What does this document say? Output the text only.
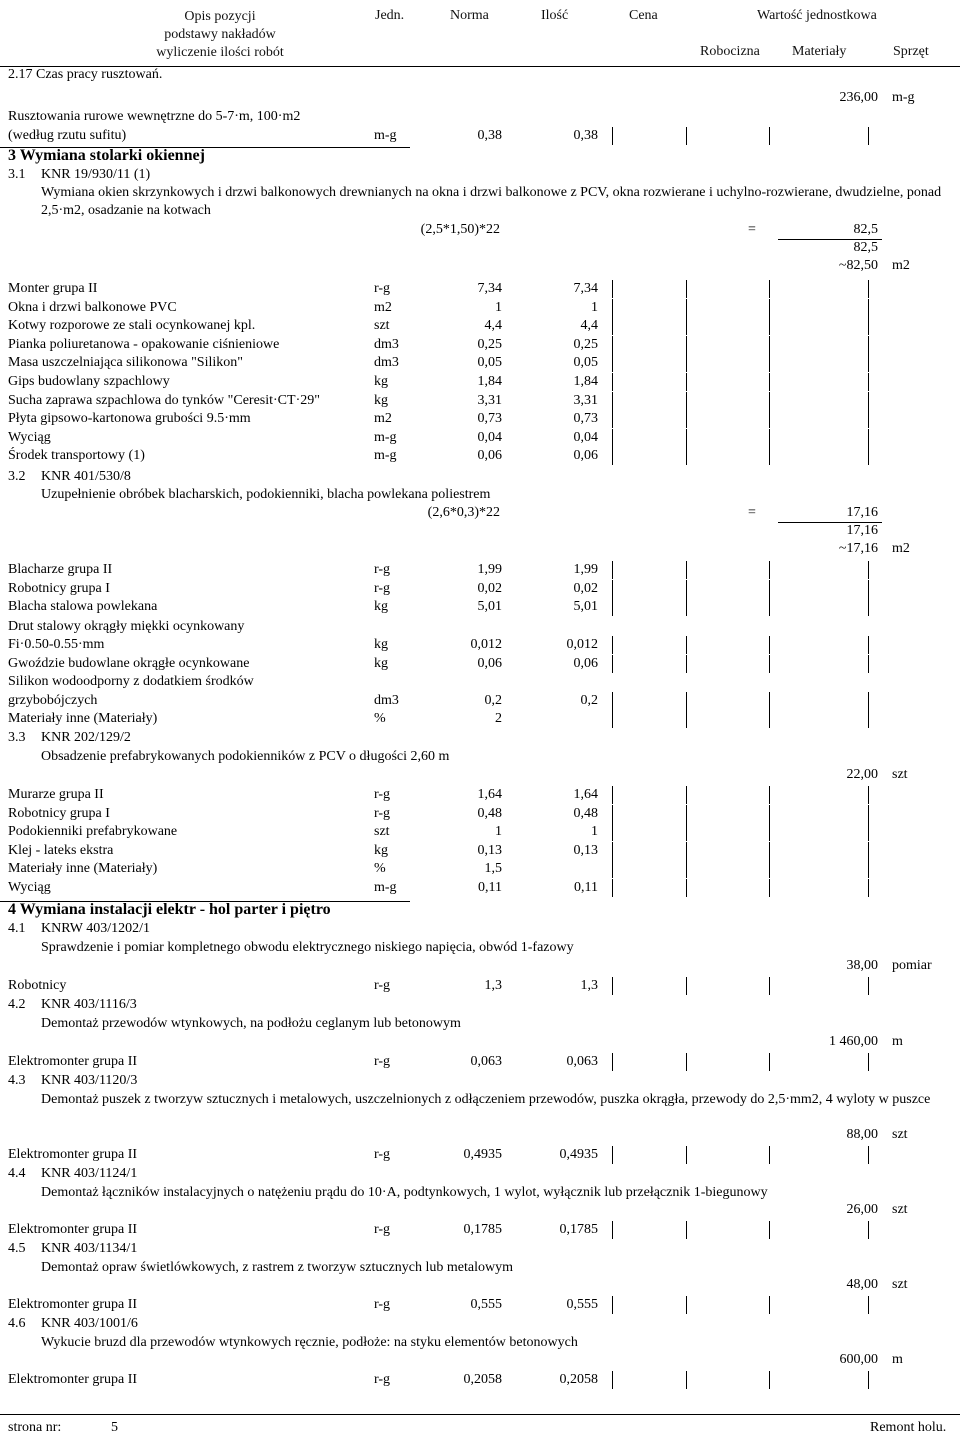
Opis pozycji
podstawy nakładów
wyliczenie ilości robót
Jedn.	Norma	Ilość	Cena	Wartość jednostkowa
Robocizna Materiały	Sprzęt
2.17 Czas pracy rusztowań.
236,00 m-g
Rusztowania rurowe wewnętrzne do 5-7·m, 100·m2
(według rzutu sufitu)	m-g	0,38	0,38
3 Wymiana stolarki okiennej
3.1 KNR 19/930/11 (1)
Wymiana okien skrzynkowych i drzwi balkonowych drewnianych na okna i drzwi balkonowe z PCV, okna rozwierane i uchylno-rozwierane, dwudzielne, ponad 2,5·m2, osadzanie na kotwach
(2,5*1,50)*22	=	82,5
82,5
~82,50 m2
Monter grupa II	r-g	7,34	7,34
Okna i drzwi balkonowe PVC	m2	1	1
Kotwy rozporowe ze stali ocynkowanej kpl.	szt	4,4	4,4
Pianka poliuretanowa - opakowanie ciśnieniowe	dm3	0,25	0,25
Masa uszczelniająca silikonowa "Silikon"	dm3	0,05	0,05
Gips budowlany szpachlowy	kg	1,84	1,84
Sucha zaprawa szpachlowa do tynków "Ceresit·CT·29"	kg	3,31	3,31
Płyta gipsowo-kartonowa grubości 9.5·mm	m2	0,73	0,73
Wyciąg	m-g	0,04	0,04
Środek transportowy (1)	m-g	0,06	0,06
3.2 KNR 401/530/8
Uzupełnienie obróbek blacharskich, podokienniki, blacha powlekana poliestrem
(2,6*0,3)*22	=	17,16
17,16
~17,16 m2
Blacharze grupa II	r-g	1,99	1,99
Robotnicy grupa I	r-g	0,02	0,02
Blacha stalowa powlekana	kg	5,01	5,01
Drut stalowy okrągły miękki ocynkowany
Fi·0.50-0.55·mm	kg	0,012	0,012
Gwoździe budowlane okrągłe ocynkowane	kg	0,06	0,06
Silikon wodoodporny z dodatkiem środków
grzybobójczych	dm3	0,2	0,2
Materiały inne (Materiały)	%	2
3.3 KNR 202/129/2
Obsadzenie prefabrykowanych podokienników z PCV o długości 2,60 m
22,00 szt
Murarze grupa II	r-g	1,64	1,64
Robotnicy grupa I	r-g	0,48	0,48
Podokienniki prefabrykowane	szt	1	1
Klej - lateks ekstra	kg	0,13	0,13
Materiały inne (Materiały)	%	1,5
Wyciąg	m-g	0,11	0,11
4 Wymiana instalacji elektr - hol parter i piętro
4.1 KNRW 403/1202/1
Sprawdzenie i pomiar kompletnego obwodu elektrycznego niskiego napięcia, obwód 1-fazowy
38,00 pomiar
Robotnicy	r-g	1,3	1,3
4.2 KNR 403/1116/3
Demontaż przewodów wtynkowych, na podłożu ceglanym lub betonowym
1 460,00 m
Elektromonter grupa II	r-g	0,063	0,063
4.3 KNR 403/1120/3
Demontaż puszek z tworzyw sztucznych i metalowych, uszczelnionych z odłączeniem przewodów, puszka okrągła, przewody do 2,5·mm2, 4 wyloty w puszce
88,00 szt
Elektromonter grupa II	r-g	0,4935	0,4935
4.4 KNR 403/1124/1
Demontaż łączników instalacyjnych o natężeniu prądu do 10·A, podtynkowych, 1 wylot, wyłącznik lub przełącznik 1-biegunowy
26,00 szt
Elektromonter grupa II	r-g	0,1785	0,1785
4.5 KNR 403/1134/1
Demontaż opraw świetlówkowych, z rastrem z tworzyw sztucznych lub metalowym
48,00 szt
Elektromonter grupa II	r-g	0,555	0,555
4.6 KNR 403/1001/6
Wykucie bruzd dla przewodów wtynkowych ręcznie, podłoże: na styku elementów betonowych
600,00 m
Elektromonter grupa II	r-g	0,2058	0,2058
strona nr:	5	Remont holu.
